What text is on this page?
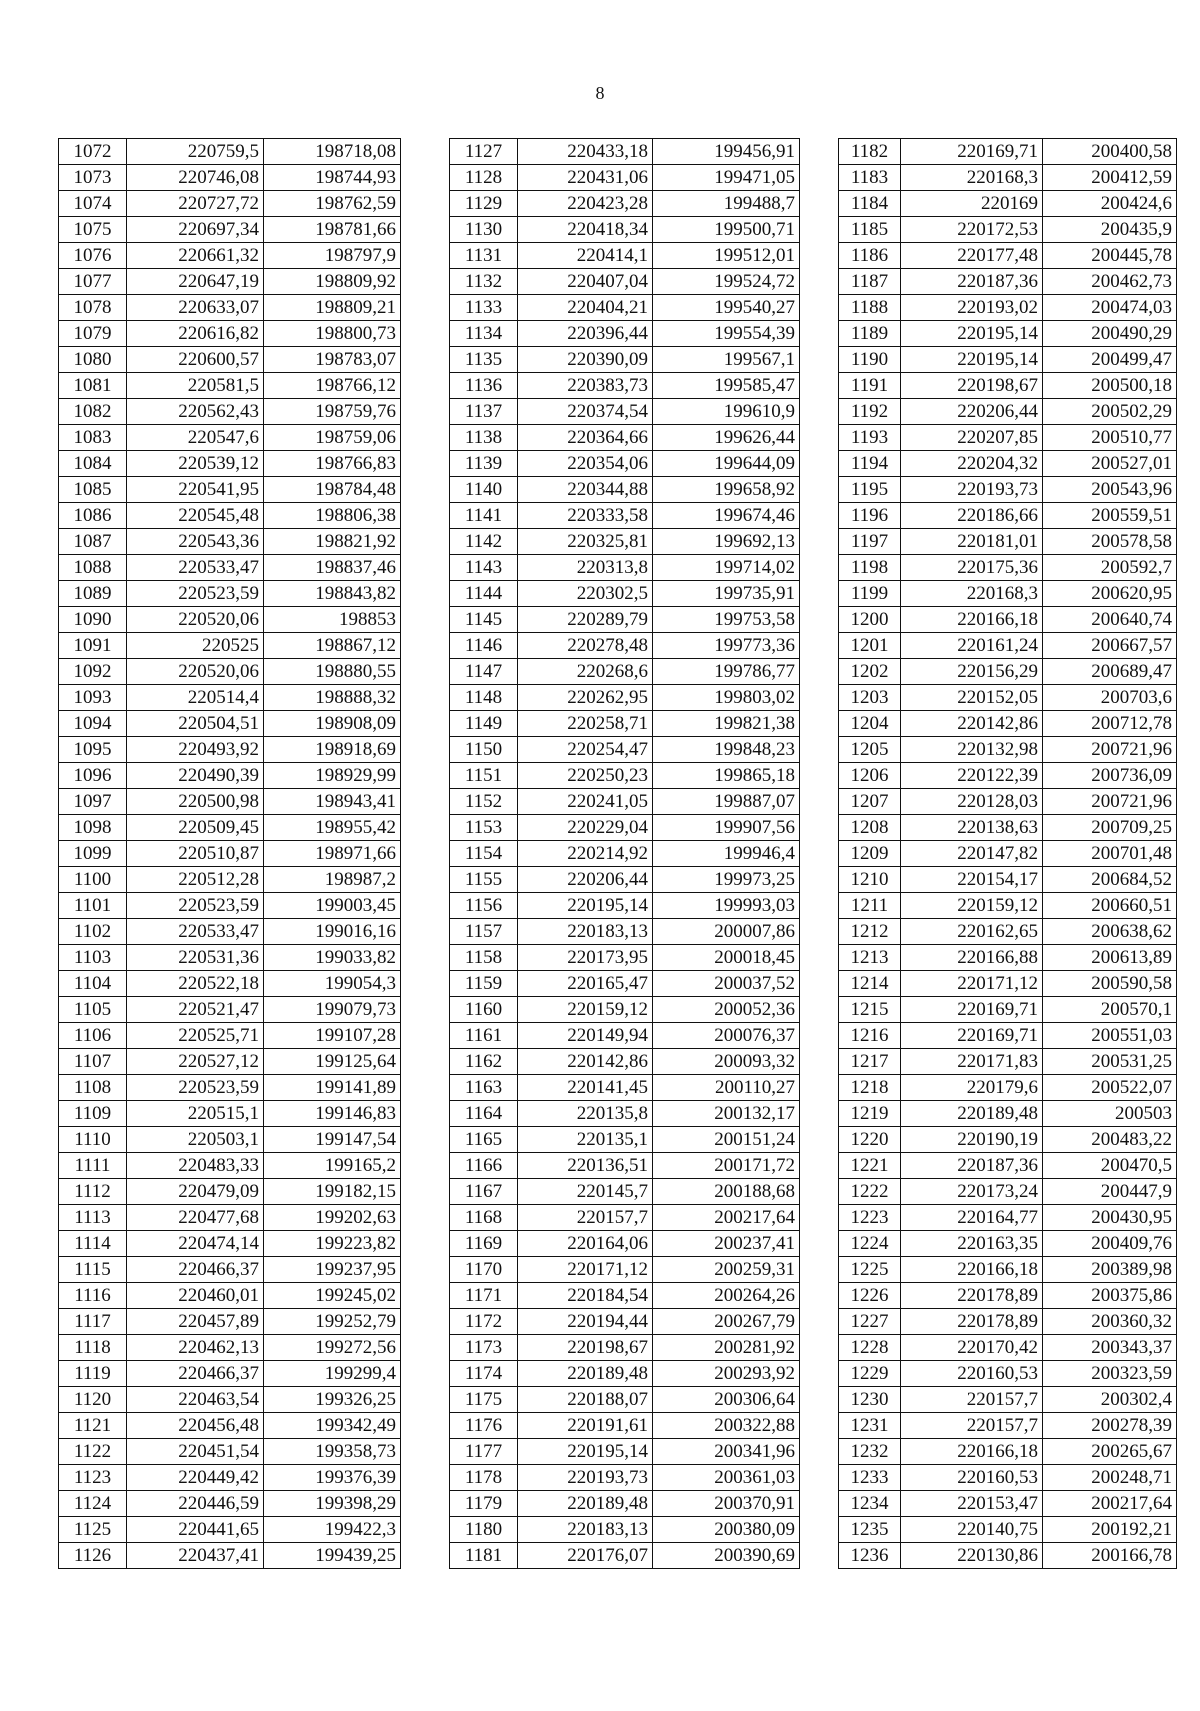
8
1072	220759,5	198718,08
1073	220746,08	198744,93
1074	220727,72	198762,59
1075	220697,34	198781,66
1076	220661,32	198797,9
1077	220647,19	198809,92
1078	220633,07	198809,21
1079	220616,82	198800,73
1080	220600,57	198783,07
1081	220581,5	198766,12
1082	220562,43	198759,76
1083	220547,6	198759,06
1084	220539,12	198766,83
1085	220541,95	198784,48
1086	220545,48	198806,38
1087	220543,36	198821,92
1088	220533,47	198837,46
1089	220523,59	198843,82
1090	220520,06	198853
1091	220525	198867,12
1092	220520,06	198880,55
1093	220514,4	198888,32
1094	220504,51	198908,09
1095	220493,92	198918,69
1096	220490,39	198929,99
1097	220500,98	198943,41
1098	220509,45	198955,42
1099	220510,87	198971,66
1100	220512,28	198987,2
1101	220523,59	199003,45
1102	220533,47	199016,16
1103	220531,36	199033,82
1104	220522,18	199054,3
1105	220521,47	199079,73
1106	220525,71	199107,28
1107	220527,12	199125,64
1108	220523,59	199141,89
1109	220515,1	199146,83
1110	220503,1	199147,54
1111	220483,33	199165,2
1112	220479,09	199182,15
1113	220477,68	199202,63
1114	220474,14	199223,82
1115	220466,37	199237,95
1116	220460,01	199245,02
1117	220457,89	199252,79
1118	220462,13	199272,56
1119	220466,37	199299,4
1120	220463,54	199326,25
1121	220456,48	199342,49
1122	220451,54	199358,73
1123	220449,42	199376,39
1124	220446,59	199398,29
1125	220441,65	199422,3
1126	220437,41	199439,25
1127	220433,18	199456,91
1128	220431,06	199471,05
1129	220423,28	199488,7
1130	220418,34	199500,71
1131	220414,1	199512,01
1132	220407,04	199524,72
1133	220404,21	199540,27
1134	220396,44	199554,39
1135	220390,09	199567,1
1136	220383,73	199585,47
1137	220374,54	199610,9
1138	220364,66	199626,44
1139	220354,06	199644,09
1140	220344,88	199658,92
1141	220333,58	199674,46
1142	220325,81	199692,13
1143	220313,8	199714,02
1144	220302,5	199735,91
1145	220289,79	199753,58
1146	220278,48	199773,36
1147	220268,6	199786,77
1148	220262,95	199803,02
1149	220258,71	199821,38
1150	220254,47	199848,23
1151	220250,23	199865,18
1152	220241,05	199887,07
1153	220229,04	199907,56
1154	220214,92	199946,4
1155	220206,44	199973,25
1156	220195,14	199993,03
1157	220183,13	200007,86
1158	220173,95	200018,45
1159	220165,47	200037,52
1160	220159,12	200052,36
1161	220149,94	200076,37
1162	220142,86	200093,32
1163	220141,45	200110,27
1164	220135,8	200132,17
1165	220135,1	200151,24
1166	220136,51	200171,72
1167	220145,7	200188,68
1168	220157,7	200217,64
1169	220164,06	200237,41
1170	220171,12	200259,31
1171	220184,54	200264,26
1172	220194,44	200267,79
1173	220198,67	200281,92
1174	220189,48	200293,92
1175	220188,07	200306,64
1176	220191,61	200322,88
1177	220195,14	200341,96
1178	220193,73	200361,03
1179	220189,48	200370,91
1180	220183,13	200380,09
1181	220176,07	200390,69
1182	220169,71	200400,58
1183	220168,3	200412,59
1184	220169	200424,6
1185	220172,53	200435,9
1186	220177,48	200445,78
1187	220187,36	200462,73
1188	220193,02	200474,03
1189	220195,14	200490,29
1190	220195,14	200499,47
1191	220198,67	200500,18
1192	220206,44	200502,29
1193	220207,85	200510,77
1194	220204,32	200527,01
1195	220193,73	200543,96
1196	220186,66	200559,51
1197	220181,01	200578,58
1198	220175,36	200592,7
1199	220168,3	200620,95
1200	220166,18	200640,74
1201	220161,24	200667,57
1202	220156,29	200689,47
1203	220152,05	200703,6
1204	220142,86	200712,78
1205	220132,98	200721,96
1206	220122,39	200736,09
1207	220128,03	200721,96
1208	220138,63	200709,25
1209	220147,82	200701,48
1210	220154,17	200684,52
1211	220159,12	200660,51
1212	220162,65	200638,62
1213	220166,88	200613,89
1214	220171,12	200590,58
1215	220169,71	200570,1
1216	220169,71	200551,03
1217	220171,83	200531,25
1218	220179,6	200522,07
1219	220189,48	200503
1220	220190,19	200483,22
1221	220187,36	200470,5
1222	220173,24	200447,9
1223	220164,77	200430,95
1224	220163,35	200409,76
1225	220166,18	200389,98
1226	220178,89	200375,86
1227	220178,89	200360,32
1228	220170,42	200343,37
1229	220160,53	200323,59
1230	220157,7	200302,4
1231	220157,7	200278,39
1232	220166,18	200265,67
1233	220160,53	200248,71
1234	220153,47	200217,64
1235	220140,75	200192,21
1236	220130,86	200166,78
